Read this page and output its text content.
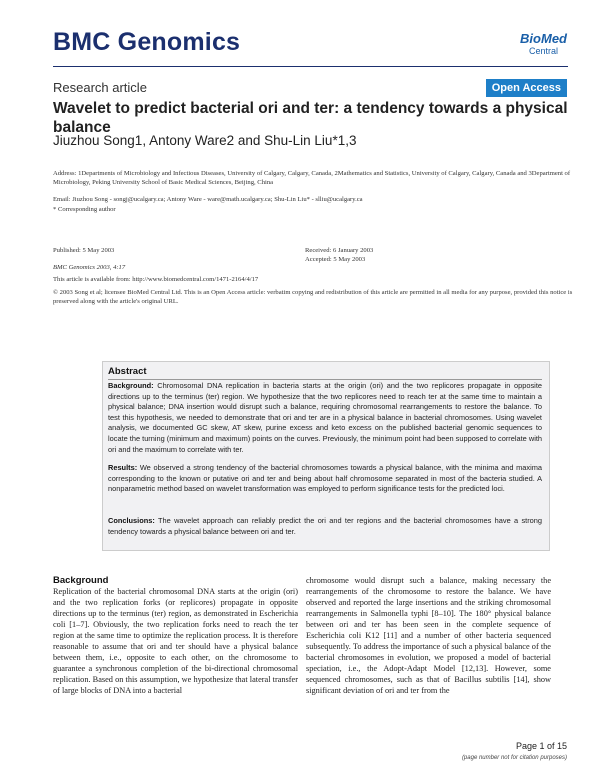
BMC Genomics	BioMed
Central
Research article	Open Access
Wavelet to predict bacterial ori and ter: a tendency towards a physical balance
Jiuzhou Song1, Antony Ware2 and Shu-Lin Liu*1,3
Address: 1Departments of Microbiology and Infectious Diseases, University of Calgary, Calgary, Canada, 2Mathematics and Statistics, University of Calgary, Calgary, Canada and 3Department of Microbiology, Peking University School of Basic Medical Sciences, Beijing, China
Email: Jiuzhou Song - songj@ucalgary.ca; Antony Ware - ware@math.ucalgary.ca; Shu-Lin Liu* - slliu@ucalgary.ca
* Corresponding author
Published: 5 May 2003
BMC Genomics 2003, 4:17
Received: 6 January 2003
Accepted: 5 May 2003
This article is available from: http://www.biomedcentral.com/1471-2164/4/17
© 2003 Song et al; licensee BioMed Central Ltd. This is an Open Access article: verbatim copying and redistribution of this article are permitted in all media for any purpose, provided this notice is preserved along with the article's original URL.
Abstract
Background: Chromosomal DNA replication in bacteria starts at the origin (ori) and the two replicores propagate in opposite directions up to the terminus (ter) region. We hypothesize that the two replicores need to reach ter at the same time to maintain a physical balance; DNA insertion would disrupt such a balance, requiring chromosomal rearrangements to restore the balance. To test this hypothesis, we needed to demonstrate that ori and ter are in a physical balance in bacterial chromosomes. Using wavelet analysis, we documented GC skew, AT skew, purine excess and keto excess on the published bacterial genomic sequences to locate the turning (minimum and maximum) points on the curves. Previously, the minimum point had been supposed to correlate with ori and the maximum to correlate with ter.
Results: We observed a strong tendency of the bacterial chromosomes towards a physical balance, with the minima and maxima corresponding to the known or putative ori and ter and being about half chromosome separated in most of the bacteria studied. A nonparametric method based on wavelet transformation was employed to perform significance tests for the predicted loci.
Conclusions: The wavelet approach can reliably predict the ori and ter regions and the bacterial chromosomes have a strong tendency towards a physical balance between ori and ter.
Background
Replication of the bacterial chromosomal DNA starts at the origin (ori) and the two replication forks (or replicores) propagate in opposite directions up to the terminus (ter) region, as demonstrated in Escherichia coli [1–7]. Obviously, the two replication forks need to reach the ter region at the same time to optimize the replication process. It is therefore reasonable to assume that ori and ter should have a physical balance between them, i.e., opposite to each other, on the chromosome to guarantee a synchronous completion of the bi-directional chromosomal replication. Based on this assumption, we hypothesize that lateral transfer of large blocks of DNA into a bacterial
chromosome would disrupt such a balance, making necessary the rearrangements of the chromosome to restore the balance. We have observed and reported the large insertions and the striking chromosomal rearrangements in Salmonella typhi [8–10]. The 180° physical balance between ori and ter has been seen in the complete sequence of Escherichia coli K12 [11] and a number of other bacteria sequenced subsequently. To address the importance of such a physical balance of the bacterial chromosomes in evolution, we proposed a model of bacterial speciation, i.e., the Adopt-Adapt Model [12,13]. However, some sequenced chromosomes, such as that of Bacillus subtilis [14], show significant deviation of ori and ter from the
Page 1 of 15
(page number not for citation purposes)
